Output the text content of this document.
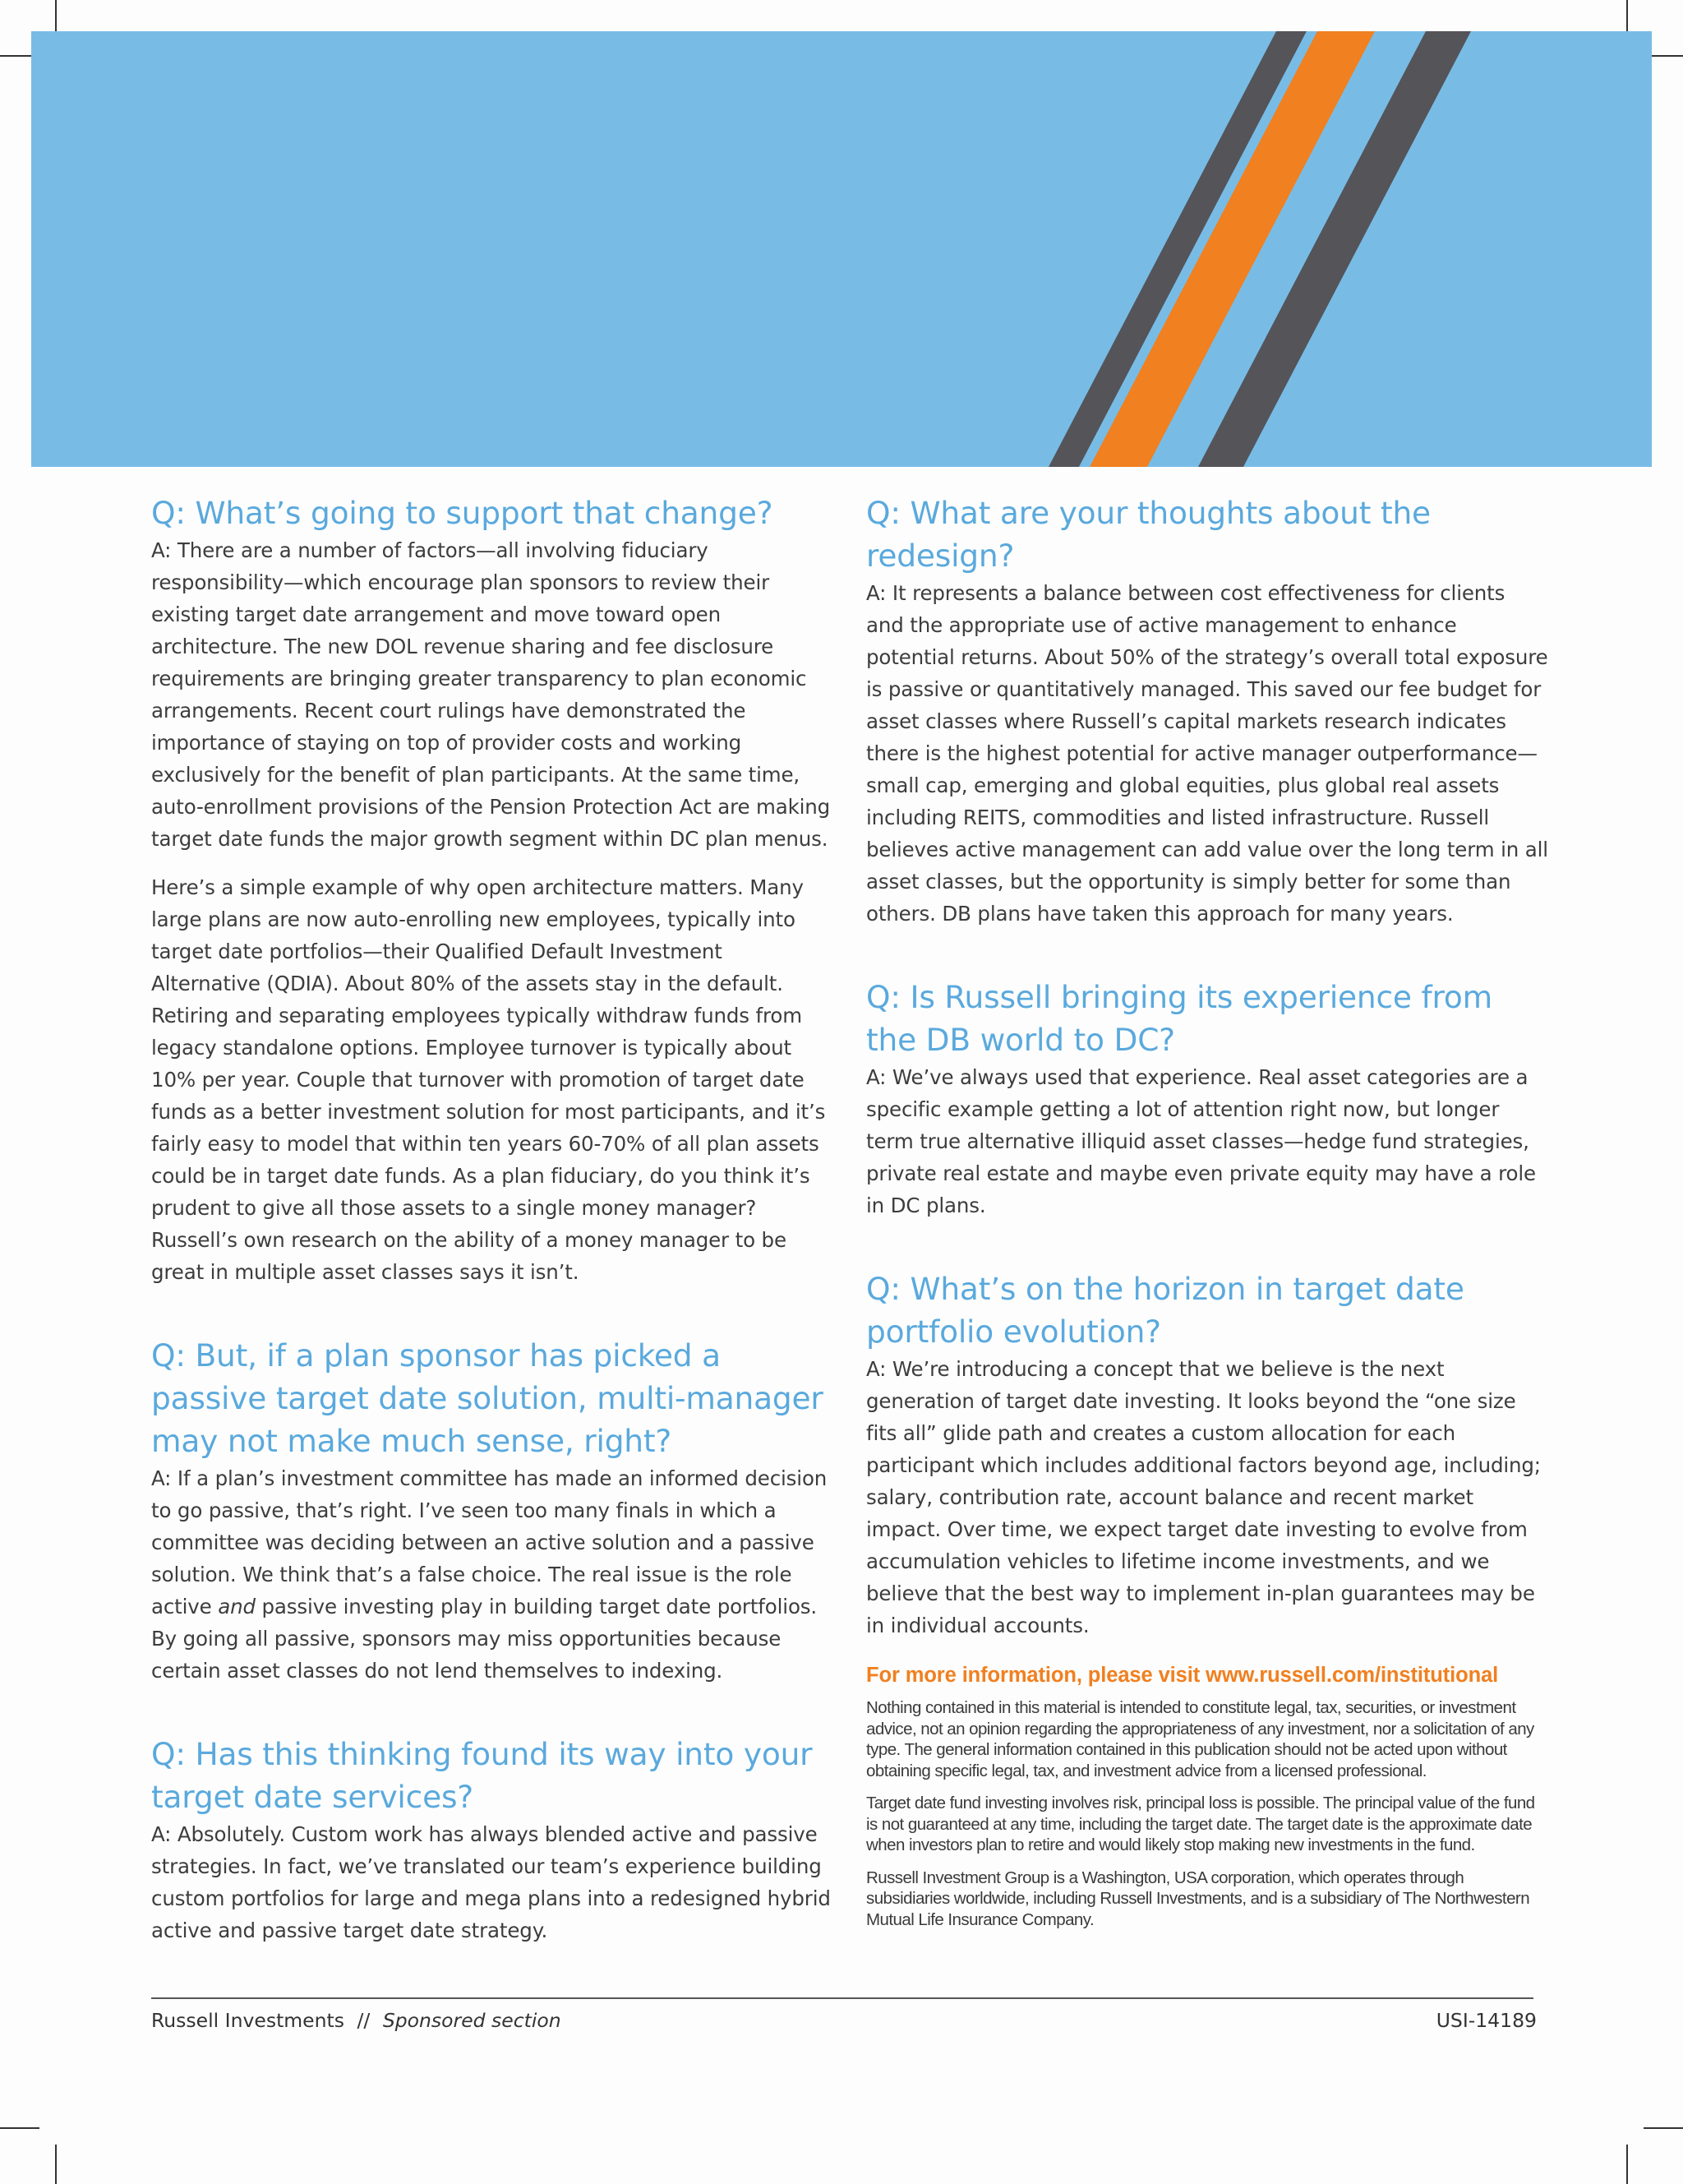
Q: What’s going to support that change?

A: There are a number of factors—all involving fiduciary responsibility—which encourage plan sponsors to review their existing target date arrangement and move toward open architecture. The new DOL revenue sharing and fee disclosure requirements are bringing greater transparency to plan economic arrangements. Recent court rulings have demonstrated the importance of staying on top of provider costs and working exclusively for the benefit of plan participants. At the same time, auto-enrollment provisions of the Pension Protection Act are making target date funds the major growth segment within DC plan menus.

Here’s a simple example of why open architecture matters. Many large plans are now auto-enrolling new employees, typically into target date portfolios—their Qualified Default Investment Alternative (QDIA). About 80% of the assets stay in the default. Retiring and separating employees typically withdraw funds from legacy standalone options. Employee turnover is typically about 10% per year. Couple that turnover with promotion of target date funds as a better investment solution for most participants, and it’s fairly easy to model that within ten years 60-70% of all plan assets could be in target date funds. As a plan fiduciary, do you think it’s prudent to give all those assets to a single money manager? Russell’s own research on the ability of a money manager to be great in multiple asset classes says it isn’t.

Q: But, if a plan sponsor has picked a passive target date solution, multi-manager may not make much sense, right?

A: If a plan’s investment committee has made an informed decision to go passive, that’s right. I’ve seen too many finals in which a committee was deciding between an active solution and a passive solution. We think that’s a false choice. The real issue is the role active and passive investing play in building target date portfolios. By going all passive, sponsors may miss opportunities because certain asset classes do not lend themselves to indexing.

Q: Has this thinking found its way into your target date services?

A: Absolutely. Custom work has always blended active and passive strategies. In fact, we’ve translated our team’s experience building custom portfolios for large and mega plans into a redesigned hybrid active and passive target date strategy.

Q: What are your thoughts about the redesign?

A: It represents a balance between cost effectiveness for clients and the appropriate use of active management to enhance potential returns. About 50% of the strategy’s overall total exposure is passive or quantitatively managed. This saved our fee budget for asset classes where Russell’s capital markets research indicates there is the highest potential for active manager outperformance—small cap, emerging and global equities, plus global real assets including REITS, commodities and listed infrastructure. Russell believes active management can add value over the long term in all asset classes, but the opportunity is simply better for some than others. DB plans have taken this approach for many years.

Q: Is Russell bringing its experience from the DB world to DC?

A: We’ve always used that experience. Real asset categories are a specific example getting a lot of attention right now, but longer term true alternative illiquid asset classes—hedge fund strategies, private real estate and maybe even private equity may have a role in DC plans.

Q: What’s on the horizon in target date portfolio evolution?

A: We’re introducing a concept that we believe is the next generation of target date investing. It looks beyond the “one size fits all” glide path and creates a custom allocation for each participant which includes additional factors beyond age, including; salary, contribution rate, account balance and recent market impact. Over time, we expect target date investing to evolve from accumulation vehicles to lifetime income investments, and we believe that the best way to implement in-plan guarantees may be in individual accounts.

For more information, please visit www.russell.com/institutional

Nothing contained in this material is intended to constitute legal, tax, securities, or investment advice, not an opinion regarding the appropriateness of any investment, nor a solicitation of any type. The general information contained in this publication should not be acted upon without obtaining specific legal, tax, and investment advice from a licensed professional.

Target date fund investing involves risk, principal loss is possible. The principal value of the fund is not guaranteed at any time, including the target date. The target date is the approximate date when investors plan to retire and would likely stop making new investments in the fund.

Russell Investment Group is a Washington, USA corporation, which operates through subsidiaries worldwide, including Russell Investments, and is a subsidiary of The Northwestern Mutual Life Insurance Company.

Russell Investments // Sponsored section	USI-14189
